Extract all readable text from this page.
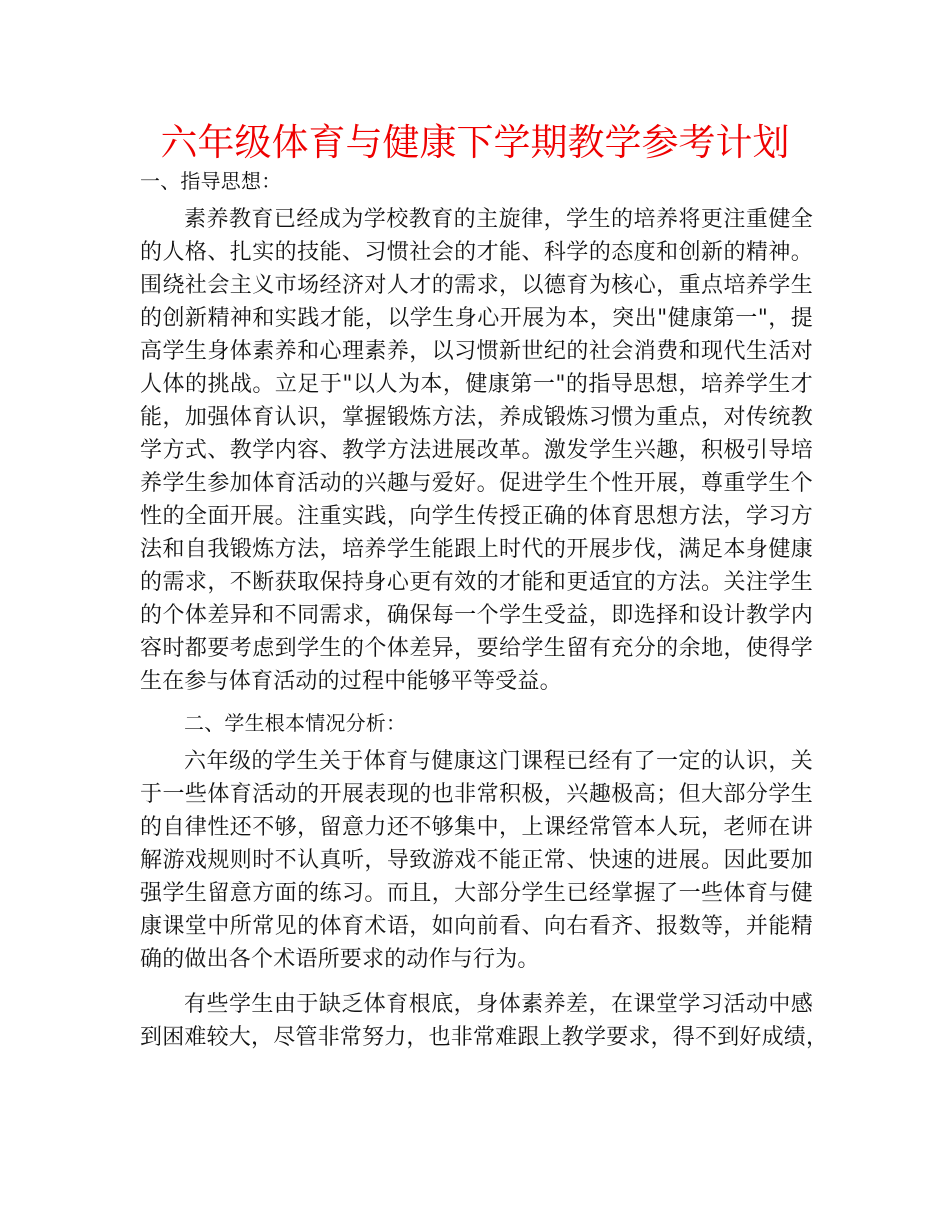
六年级体育与健康下学期教学参考计划

一、指导思想：

素养教育已经成为学校教育的主旋律，学生的培养将更注重健全
的人格、扎实的技能、习惯社会的才能、科学的态度和创新的精神。
围绕社会主义市场经济对人才的需求，以德育为核心，重点培养学生
的创新精神和实践才能，以学生身心开展为本，突出"健康第一"，提
高学生身体素养和心理素养，以习惯新世纪的社会消费和现代生活对
人体的挑战。立足于"以人为本，健康第一"的指导思想，培养学生才
能，加强体育认识，掌握锻炼方法，养成锻炼习惯为重点，对传统教
学方式、教学内容、教学方法进展改革。激发学生兴趣，积极引导培
养学生参加体育活动的兴趣与爱好。促进学生个性开展，尊重学生个
性的全面开展。注重实践，向学生传授正确的体育思想方法，学习方
法和自我锻炼方法，培养学生能跟上时代的开展步伐，满足本身健康
的需求，不断获取保持身心更有效的才能和更适宜的方法。关注学生
的个体差异和不同需求，确保每一个学生受益，即选择和设计教学内
容时都要考虑到学生的个体差异，要给学生留有充分的余地，使得学
生在参与体育活动的过程中能够平等受益。

二、学生根本情况分析：

六年级的学生关于体育与健康这门课程已经有了一定的认识，关
于一些体育活动的开展表现的也非常积极，兴趣极高；但大部分学生
的自律性还不够，留意力还不够集中，上课经常管本人玩，老师在讲
解游戏规则时不认真听，导致游戏不能正常、快速的进展。因此要加
强学生留意方面的练习。而且，大部分学生已经掌握了一些体育与健
康课堂中所常见的体育术语，如向前看、向右看齐、报数等，并能精
确的做出各个术语所要求的动作与行为。
有些学生由于缺乏体育根底，身体素养差，在课堂学习活动中感
到困难较大，尽管非常努力，也非常难跟上教学要求，得不到好成绩，
